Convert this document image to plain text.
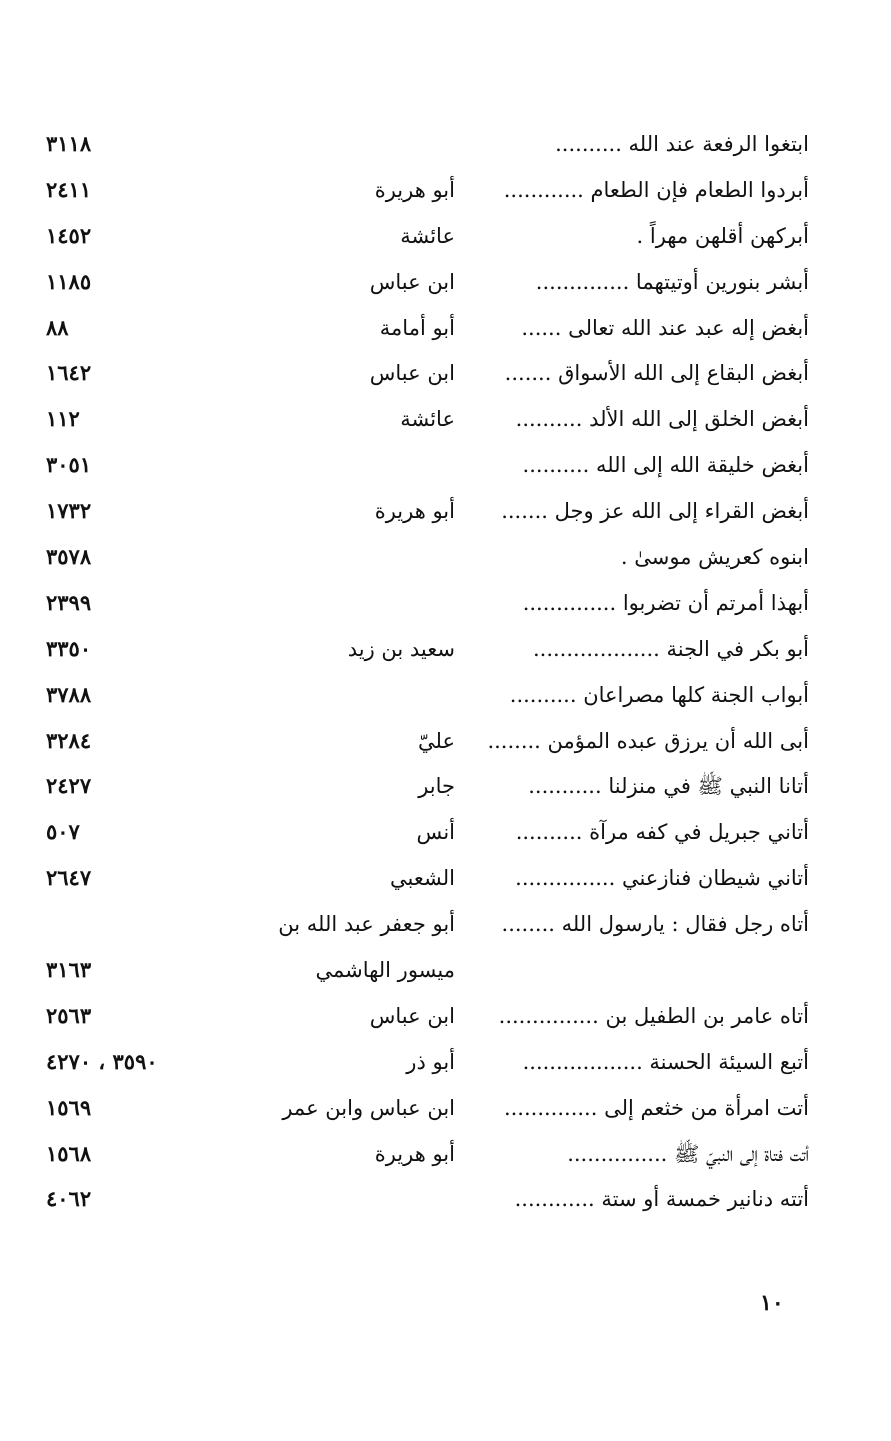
ابتغوا الرفعة عند الله ..........
٣١١٨
أبردوا الطعام فإن الطعام ............
أبو هريرة
٢٤١١
أبركهن أقلهن مهراً .
عائشة
١٤٥٢
أبشر بنورين أوتيتهما ..............
ابن عباس
١١٨٥
أبغض إله عبد عند الله تعالى ......
أبو أمامة
٨٨
أبغض البقاع إلى الله الأسواق .......
ابن عباس
١٦٤٢
أبغض الخلق إلى الله الألد ..........
عائشة
١١٢
أبغض خليقة الله إلى الله ..........
٣٠٥١
أبغض القراء إلى الله عز وجل .......
أبو هريرة
١٧٣٢
ابنوه كعريش موسىٰ .
٣٥٧٨
أبهذا أمرتم أن تضربوا ..............
٢٣٩٩
أبو بكر في الجنة ...................
سعيد بن زيد
٣٣٥٠
أبواب الجنة كلها مصراعان ..........
٣٧٨٨
أبى الله أن يرزق عبده المؤمن ........
عليّ
٣٢٨٤
أتانا النبي ﷺ في منزلنا ...........
جابر
٢٤٢٧
أتاني جبريل في كفه مرآة ..........
أنس
٥٠٧
أتاني شيطان فنازعني ...............
الشعبي
٢٦٤٧
أتاه رجل فقال : يارسول الله ........
أبو جعفر عبد الله بن
ميسور الهاشمي
٣١٦٣
أتاه عامر بن الطفيل بن ...............
ابن عباس
٢٥٦٣
أتبع السيئة الحسنة ..................
أبو ذر
٣٥٩٠ ، ٤٢٧٠
أتت امرأة من خثعم إلى ..............
ابن عباس وابن عمر
١٥٦٩
أتت فتاة إلى النبيّ ﷺ ...............
أبو هريرة
١٥٦٨
أتته دنانير خمسة أو ستة ............
٤٠٦٢
١٠
